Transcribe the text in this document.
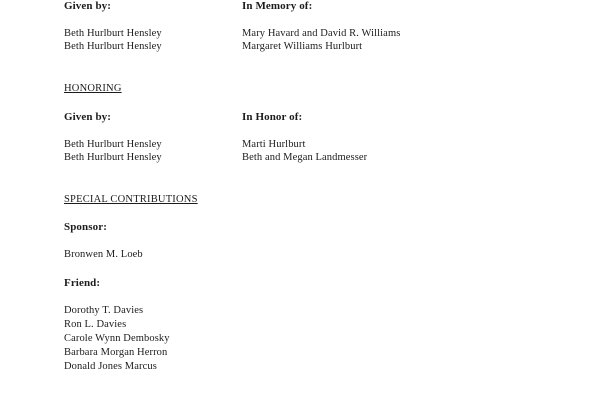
Given by:	In Memory of:
Beth Hurlburt Hensley	Mary Havard and David R. Williams
Beth Hurlburt Hensley	Margaret Williams Hurlburt
HONORING
Given by:	In Honor of:
Beth Hurlburt Hensley	Marti Hurlburt
Beth Hurlburt Hensley	Beth and Megan Landmesser
SPECIAL CONTRIBUTIONS
Sponsor:
Bronwen M. Loeb
Friend:
Dorothy T. Davies
Ron L. Davies
Carole Wynn Dembosky
Barbara Morgan Herron
Donald Jones Marcus
